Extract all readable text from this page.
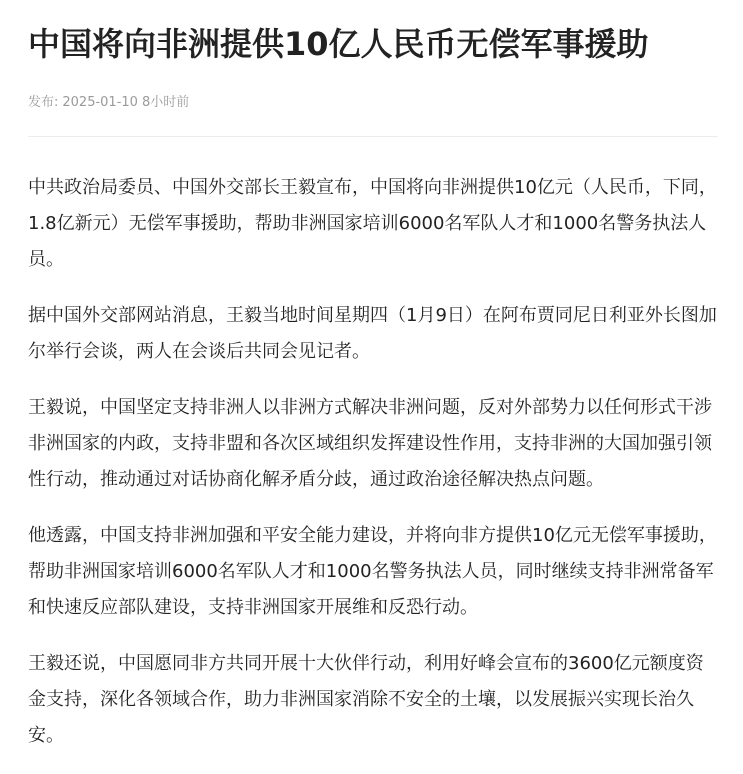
中国将向非洲提供10亿人民币无偿军事援助
发布: 2025-01-10 8小时前

中共政治局委员、中国外交部长王毅宣布，中国将向非洲提供10亿元（人民币，下同，1.8亿新元）无偿军事援助，帮助非洲国家培训6000名军队人才和1000名警务执法人员。

据中国外交部网站消息，王毅当地时间星期四（1月9日）在阿布贾同尼日利亚外长图加尔举行会谈，两人在会谈后共同会见记者。

王毅说，中国坚定支持非洲人以非洲方式解决非洲问题，反对外部势力以任何形式干涉非洲国家的内政，支持非盟和各次区域组织发挥建设性作用，支持非洲的大国加强引领性行动，推动通过对话协商化解矛盾分歧，通过政治途径解决热点问题。

他透露，中国支持非洲加强和平安全能力建设，并将向非方提供10亿元无偿军事援助，帮助非洲国家培训6000名军队人才和1000名警务执法人员，同时继续支持非洲常备军和快速反应部队建设，支持非洲国家开展维和反恐行动。

王毅还说，中国愿同非方共同开展十大伙伴行动，利用好峰会宣布的3600亿元额度资金支持，深化各领域合作，助力非洲国家消除不安全的土壤，以发展振兴实现长治久安。
